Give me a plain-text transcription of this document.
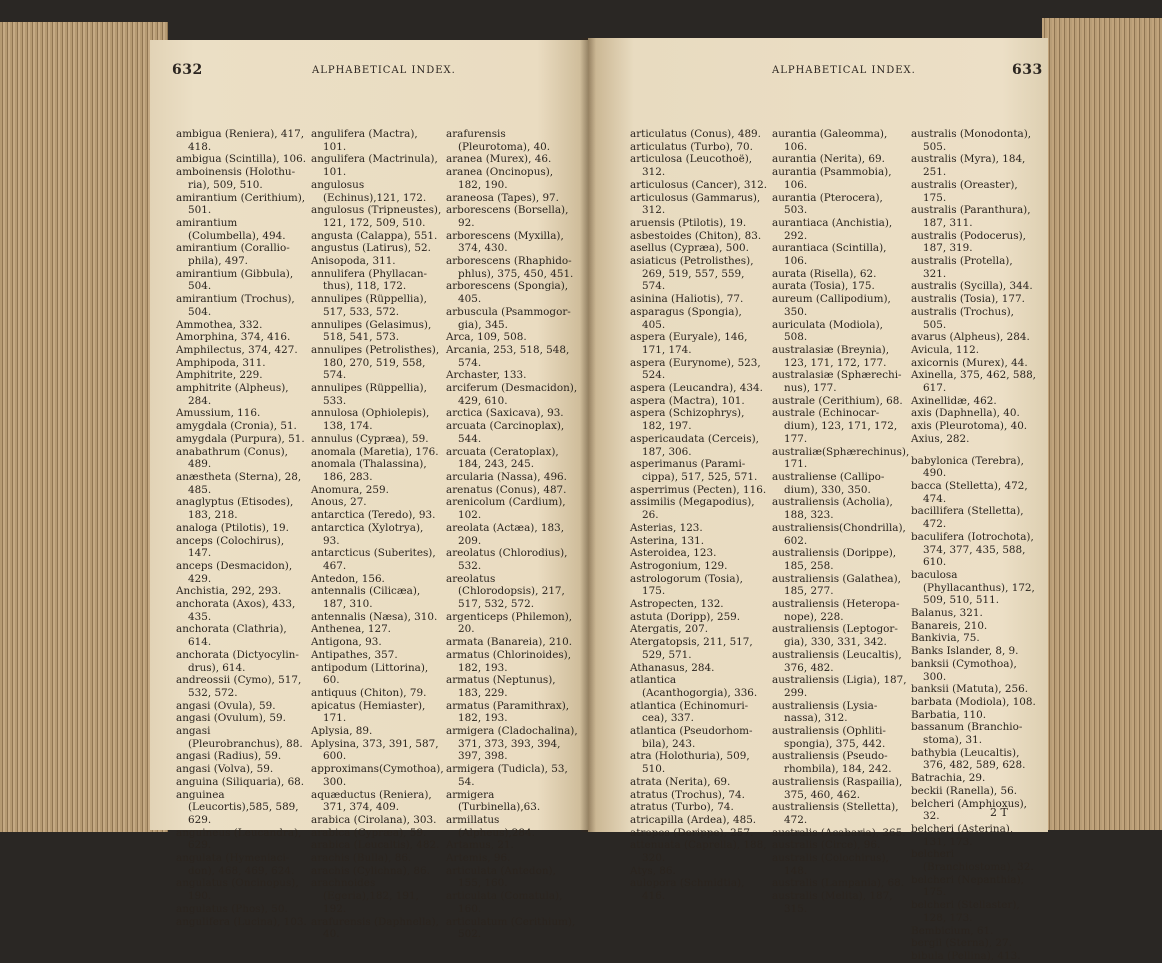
632	ALPHABETICAL INDEX.	ALPHABETICAL INDEX.	633

ambigua (Reniera), 417, 418.

ambigua (Scintilla), 106.

amboinensis (Holothu-ria), 509, 510.

amirantium (Cerithium), 501.

amirantium (Columbella), 494.

amirantium (Corallio-phila), 497.

amirantium (Gibbula), 504.

amirantium (Trochus), 504.

Ammothea, 332.

Amorphina, 374, 416.

Amphilectus, 374, 427.

Amphipoda, 311.

Amphitrite, 229.

amphitrite (Alpheus), 284.

Amussium, 116.

amygdala (Cronia), 51.

amygdala (Purpura), 51.

anabathrum (Conus), 489.

anæstheta (Sterna), 28, 485.

anaglyptus (Etisodes), 183, 218.

analoga (Ptilotis), 19.

anceps (Colochirus), 147.

anceps (Desmacidon), 429.

Anchistia, 292, 293.

anchorata (Axos), 433, 435.

anchorata (Clathria), 614.

anchorata (Dictyocylin-drus), 614.

andreossii (Cymo), 517, 532, 572.

angasi (Ovula), 59.

angasi (Ovulum), 59.

angasi (Pleurobranchus), 88.

angasi (Radius), 59.

angasi (Volva), 59.

anguina (Siliquaria), 68.

anguinea (Leucortis),585, 589, 629.

anguineus (Leucandra), 629.

angulata (Hymeniaci-don), 468, 469, 624.

angulatus (Oncinopus), 190.

angulatus (Phos), 50.

angulifera (Lucina), 103.

angulifera (Mactra), 101.

angulifera (Mactrinula), 101.

angulosus (Echinus),121, 172.

angulosus (Tripneustes), 121, 172, 509, 510.

angusta (Calappa), 551.

angustus (Latirus), 52.

Anisopoda, 311.

annulifera (Phyllacan-thus), 118, 172.

annulipes (Rüppellia), 517, 533, 572.

annulipes (Gelasimus), 518, 541, 573.

annulipes (Petrolisthes), 180, 270, 519, 558, 574.

annulipes (Rüppellia), 533.

annulosa (Ophiolepis), 138, 174.

annulus (Cypræa), 59.

anomala (Maretia), 176.

anomala (Thalassina), 186, 283.

Anomura, 259.

Anous, 27.

antarctica (Teredo), 93.

antarctica (Xylotrya), 93.

antarcticus (Suberites), 467.

Antedon, 156.

antennalis (Cilicæa), 187, 310.

antennalis (Næsa), 310.

Anthenea, 127.

Antigona, 93.

Antipathes, 357.

antipodum (Littorina), 60.

antiquus (Chiton), 79.

apicatus (Hemiaster), 171.

Aplysia, 89.

Aplysina, 373, 391, 587, 600.

approximans(Cymothoa), 300.

aquæductus (Reniera), 371, 374, 409.

arabica (Cirolana), 303.

arabica (Cypræa), 59.

arabica (Leucaltis), 482.

arachis (Bulla), 86.

arachis (Cylichna), 86.

arachnoides (Egeria),182, 191, 192.

arafurensis (Daphnella), 40.

arafurensis (Pleurotoma), 40.

aranea (Murex), 46.

aranea (Oncinopus), 182, 190.

araneosa (Tapes), 97.

arborescens (Borsella), 92.

arborescens (Myxilla), 374, 430.

arborescens (Rhaphido-phlus), 375, 450, 451.

arborescens (Spongia), 405.

arbuscula (Psammogor-gia), 345.

Arca, 109, 508.

Arcania, 253, 518, 548, 574.

Archaster, 133.

arciferum (Desmacidon), 429, 610.

arctica (Saxicava), 93.

arcuata (Carcinoplax), 544.

arcuata (Ceratoplax), 184, 243, 245.

arcularia (Nassa), 496.

arenatus (Conus), 487.

arenicolum (Cardium), 102.

areolata (Actæa), 183, 209.

areolatus (Chlorodius), 532.

areolatus (Chlorodopsis), 217, 517, 532, 572.

argenticeps (Philemon), 20.

armata (Banareia), 210.

armatus (Chlorinoides), 182, 193.

armatus (Neptunus), 183, 229.

armatus (Paramithrax), 182, 193.

armigera (Cladochalina), 371, 373, 393, 394, 397, 398.

armigera (Tudicla), 53, 54.

armigera (Turbinella),63.

armillatus (Alpheus),284.

Artamus, 21.

Artemis, 96.

articulata (Antedon), 155, 160.

articulata (Comatula), 160.

articulatum (Cerithium), 502.

articulatus (Conus), 489.

articulatus (Turbo), 70.

articulosa (Leucothoë), 312.

articulosus (Cancer), 312.

articulosus (Gammarus), 312.

aruensis (Ptilotis), 19.

asbestoides (Chiton), 83.

asellus (Cypræa), 500.

asiaticus (Petrolisthes), 269, 519, 557, 559, 574.

asinina (Haliotis), 77.

asparagus (Spongia), 405.

aspera (Euryale), 146, 171, 174.

aspera (Eurynome), 523, 524.

aspera (Leucandra), 434.

aspera (Mactra), 101.

aspera (Schizophrys), 182, 197.

aspericaudata (Cerceis), 187, 306.

asperimanus (Parami-cippa), 517, 525, 571.

asperrimus (Pecten), 116.

assimilis (Megapodius), 26.

Asterias, 123.

Asterina, 131.

Asteroidea, 123.

Astrogonium, 129.

astrologorum (Tosia), 175.

Astropecten, 132.

astuta (Doripp), 259.

Atergatis, 207.

Atergatopsis, 211, 517, 529, 571.

Athanasus, 284.

atlantica (Acanthogorgia), 336.

atlantica (Echinomuri-cea), 337.

atlantica (Pseudorhom-bila), 243.

atra (Holothuria), 509, 510.

atrata (Nerita), 69.

atratus (Trochus), 74.

atratus (Turbo), 74.

atricapilla (Ardea), 485.

atropos (Dorippe), 257.

attenuata (Caprella), 188, 320.

Atys, 86.

aulopora (Schmidtia), 416.

aurantia (Galeomma), 106.

aurantia (Nerita), 69.

aurantia (Psammobia), 106.

aurantia (Pterocera), 503.

aurantiaca (Anchistia), 292.

aurantiaca (Scintilla), 106.

aurata (Risella), 62.

aurata (Tosia), 175.

aureum (Callipodium), 350.

auriculata (Modiola), 508.

australasiæ (Breynia), 123, 171, 172, 177.

australasiæ (Sphærechi-nus), 177.

australe (Cerithium), 68.

australe (Echinocar-dium), 123, 171, 172, 177.

australiæ(Sphærechinus), 171.

australiense (Callipo-dium), 330, 350.

australiensis (Acholia), 188, 323.

australiensis(Chondrilla), 602.

australiensis (Dorippe), 185, 258.

australiensis (Galathea), 185, 277.

australiensis (Heteropa-nope), 228.

australiensis (Leptogor-gia), 330, 331, 342.

australiensis (Leucaltis), 376, 482.

australiensis (Ligia), 187, 299.

australiensis (Lysia-nassa), 312.

australiensis (Ophliti-spongia), 375, 442.

australiensis (Pseudo-rhombila), 184, 242.

australiensis (Raspailia), 375, 460, 462.

australiensis (Stelletta), 472.

australis (Acabaria), 365.

australis (Circe), 96.

australis (Colochirus), 148.

australis (Lampania), 68.

australis (Melita), 187, 315.

australis (Monodonta), 505.

australis (Myra), 184, 251.

australis (Oreaster), 175.

australis (Paranthura), 187, 311.

australis (Podocerus), 187, 319.

australis (Protella), 321.

australis (Sycilla), 344.

australis (Tosia), 177.

australis (Trochus), 505.

avarus (Alpheus), 284.

Avicula, 112.

axicornis (Murex), 44.

Axinella, 375, 462, 588, 617.

Axinellidæ, 462.

axis (Daphnella), 40.

axis (Pleurotoma), 40.

Axius, 282.

babylonica (Terebra), 490.

bacca (Stelletta), 472, 474.

bacillifera (Stelletta), 472.

baculifera (Iotrochota), 374, 377, 435, 588, 610.

baculosa (Phyllacanthus), 172, 509, 510, 511.

Balanus, 321.

Banareis, 210.

Bankivia, 75.

Banks Islander, 8, 9.

banksii (Cymothoa), 300.

banksii (Matuta), 256.

barbata (Modiola), 108.

Barbatia, 110.

bassanum (Branchio-stoma), 31.

bathybia (Leucaltis), 376, 482, 589, 628.

Batrachia, 29.

beckii (Ranella), 56.

belcheri (Amphioxus), 32.

belcheri (Asterina), 131, 173.

belcheri (Branchiostoma), 32.

belcheri (Nepanthia), 175.

belcheri (Stellaster), 128, 173.

Bembicium, 61.

bergii (Sterna), 27.

bibula (Pellina), 413.

2 T
